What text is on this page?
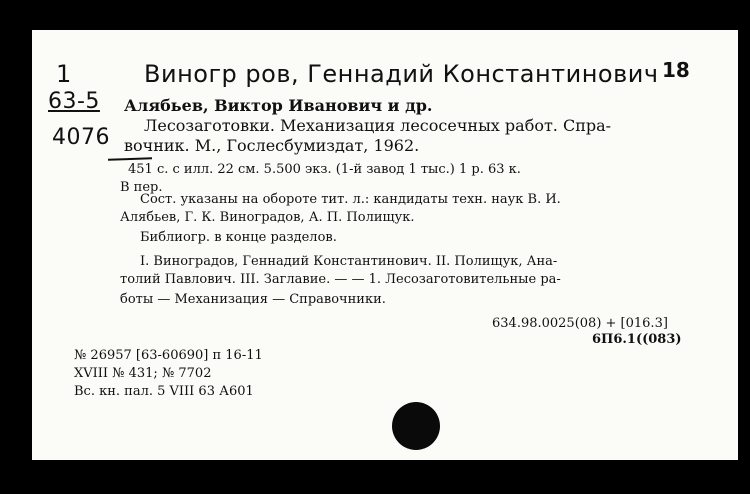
1
63-5
4076
Виногр ров, Геннадий Константинович 18
Алябьев, Виктор Иванович и др.
Лесозаготовки. Механизация лесосечных работ. Спра-
вочник. М., Гослесбумиздат, 1962.
451 с. с илл. 22 см. 5.500 экз. (1-й завод 1 тыс.) 1 р. 63 к.
В пер.
Сост. указаны на обороте тит. л.: кандидаты техн. наук В. И.
Алябьев, Г. К. Виноградов, А. П. Полищук.
Библиогр. в конце разделов.
I. Виноградов, Геннадий Константинович. II. Полищук, Ана-
толий Павлович. III. Заглавие. — — 1. Лесозаготовительные ра-
боты — Механизация — Справочники.
634.98.0025(08) + [016.3]
6П6.1((083)
№ 26957 [63-60690] п 16-11
XVIII № 431; № 7702
Вс. кн. пал. 5 VIII 63 А601
